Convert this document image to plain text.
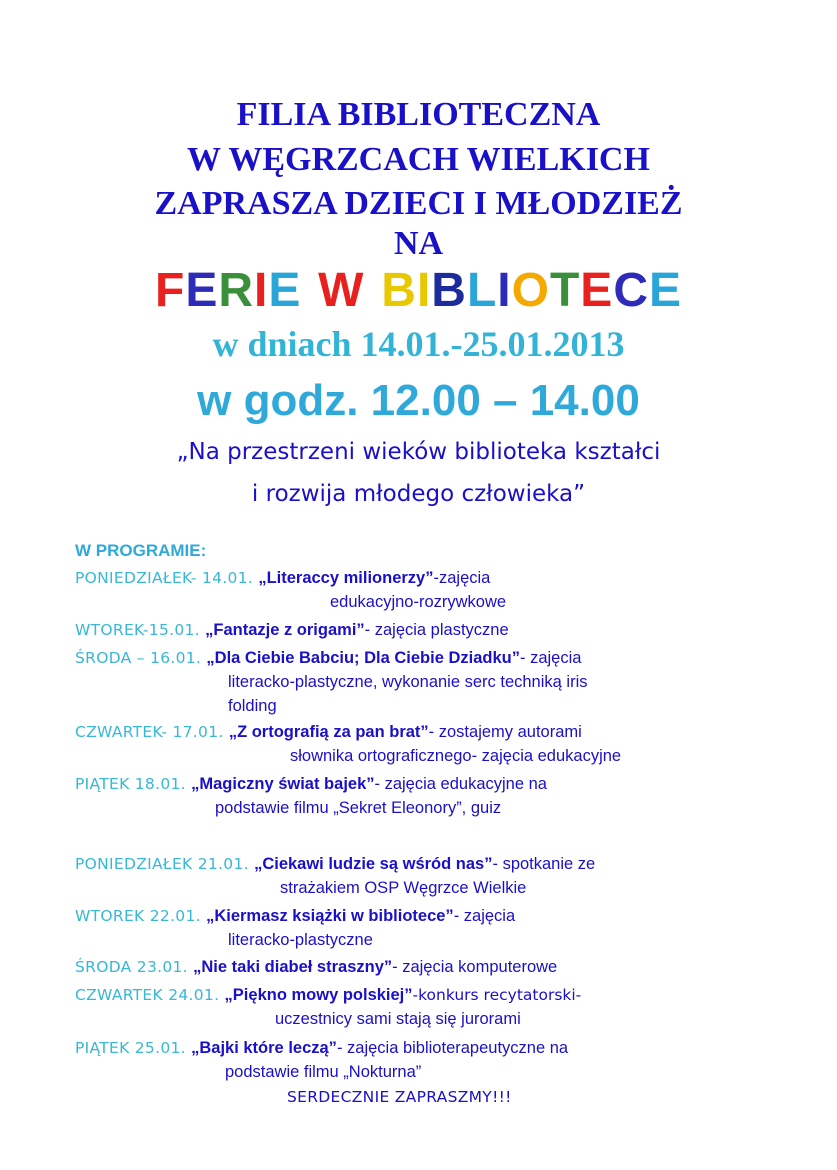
FILIA BIBLIOTECZNA
W WĘGRZCACH WIELKICH
ZAPRASZA DZIECI I MŁODZIEŻ
NA
FERIE W BIBLIOTECE
w dniach 14.01.-25.01.2013
w godz. 12.00 – 14.00
„Na przestrzeni wieków biblioteka kształci
i rozwija młodego człowieka”
W PROGRAMIE:
PONIEDZIAŁEK- 14.01. „Literaccy milionerzy”-zajęcia
edukacyjno-rozrywkowe
WTOREK-15.01. „Fantazje z origami”- zajęcia plastyczne
ŚRODA – 16.01. „Dla Ciebie Babciu; Dla Ciebie Dziadku”- zajęcia
literacko-plastyczne, wykonanie serc techniką iris
folding
CZWARTEK- 17.01. „Z ortografią za pan brat”- zostajemy autorami
słownika ortograficznego- zajęcia edukacyjne
PIĄTEK 18.01. „Magiczny świat bajek”- zajęcia edukacyjne na
podstawie filmu „Sekret Eleonory”, guiz
PONIEDZIAŁEK 21.01. „Ciekawi ludzie są wśród nas”- spotkanie ze
strażakiem OSP Węgrzce Wielkie
WTOREK 22.01. „Kiermasz książki w bibliotece”- zajęcia
literacko-plastyczne
ŚRODA 23.01. „Nie taki diabeł straszny”- zajęcia komputerowe
CZWARTEK 24.01. „Piękno mowy polskiej”-konkurs recytatorski-
uczestnicy sami stają się jurorami
PIĄTEK 25.01. „Bajki które leczą”- zajęcia biblioterapeutyczne na
podstawie filmu „Nokturna”
SERDECZNIE ZAPRASZMY!!!
